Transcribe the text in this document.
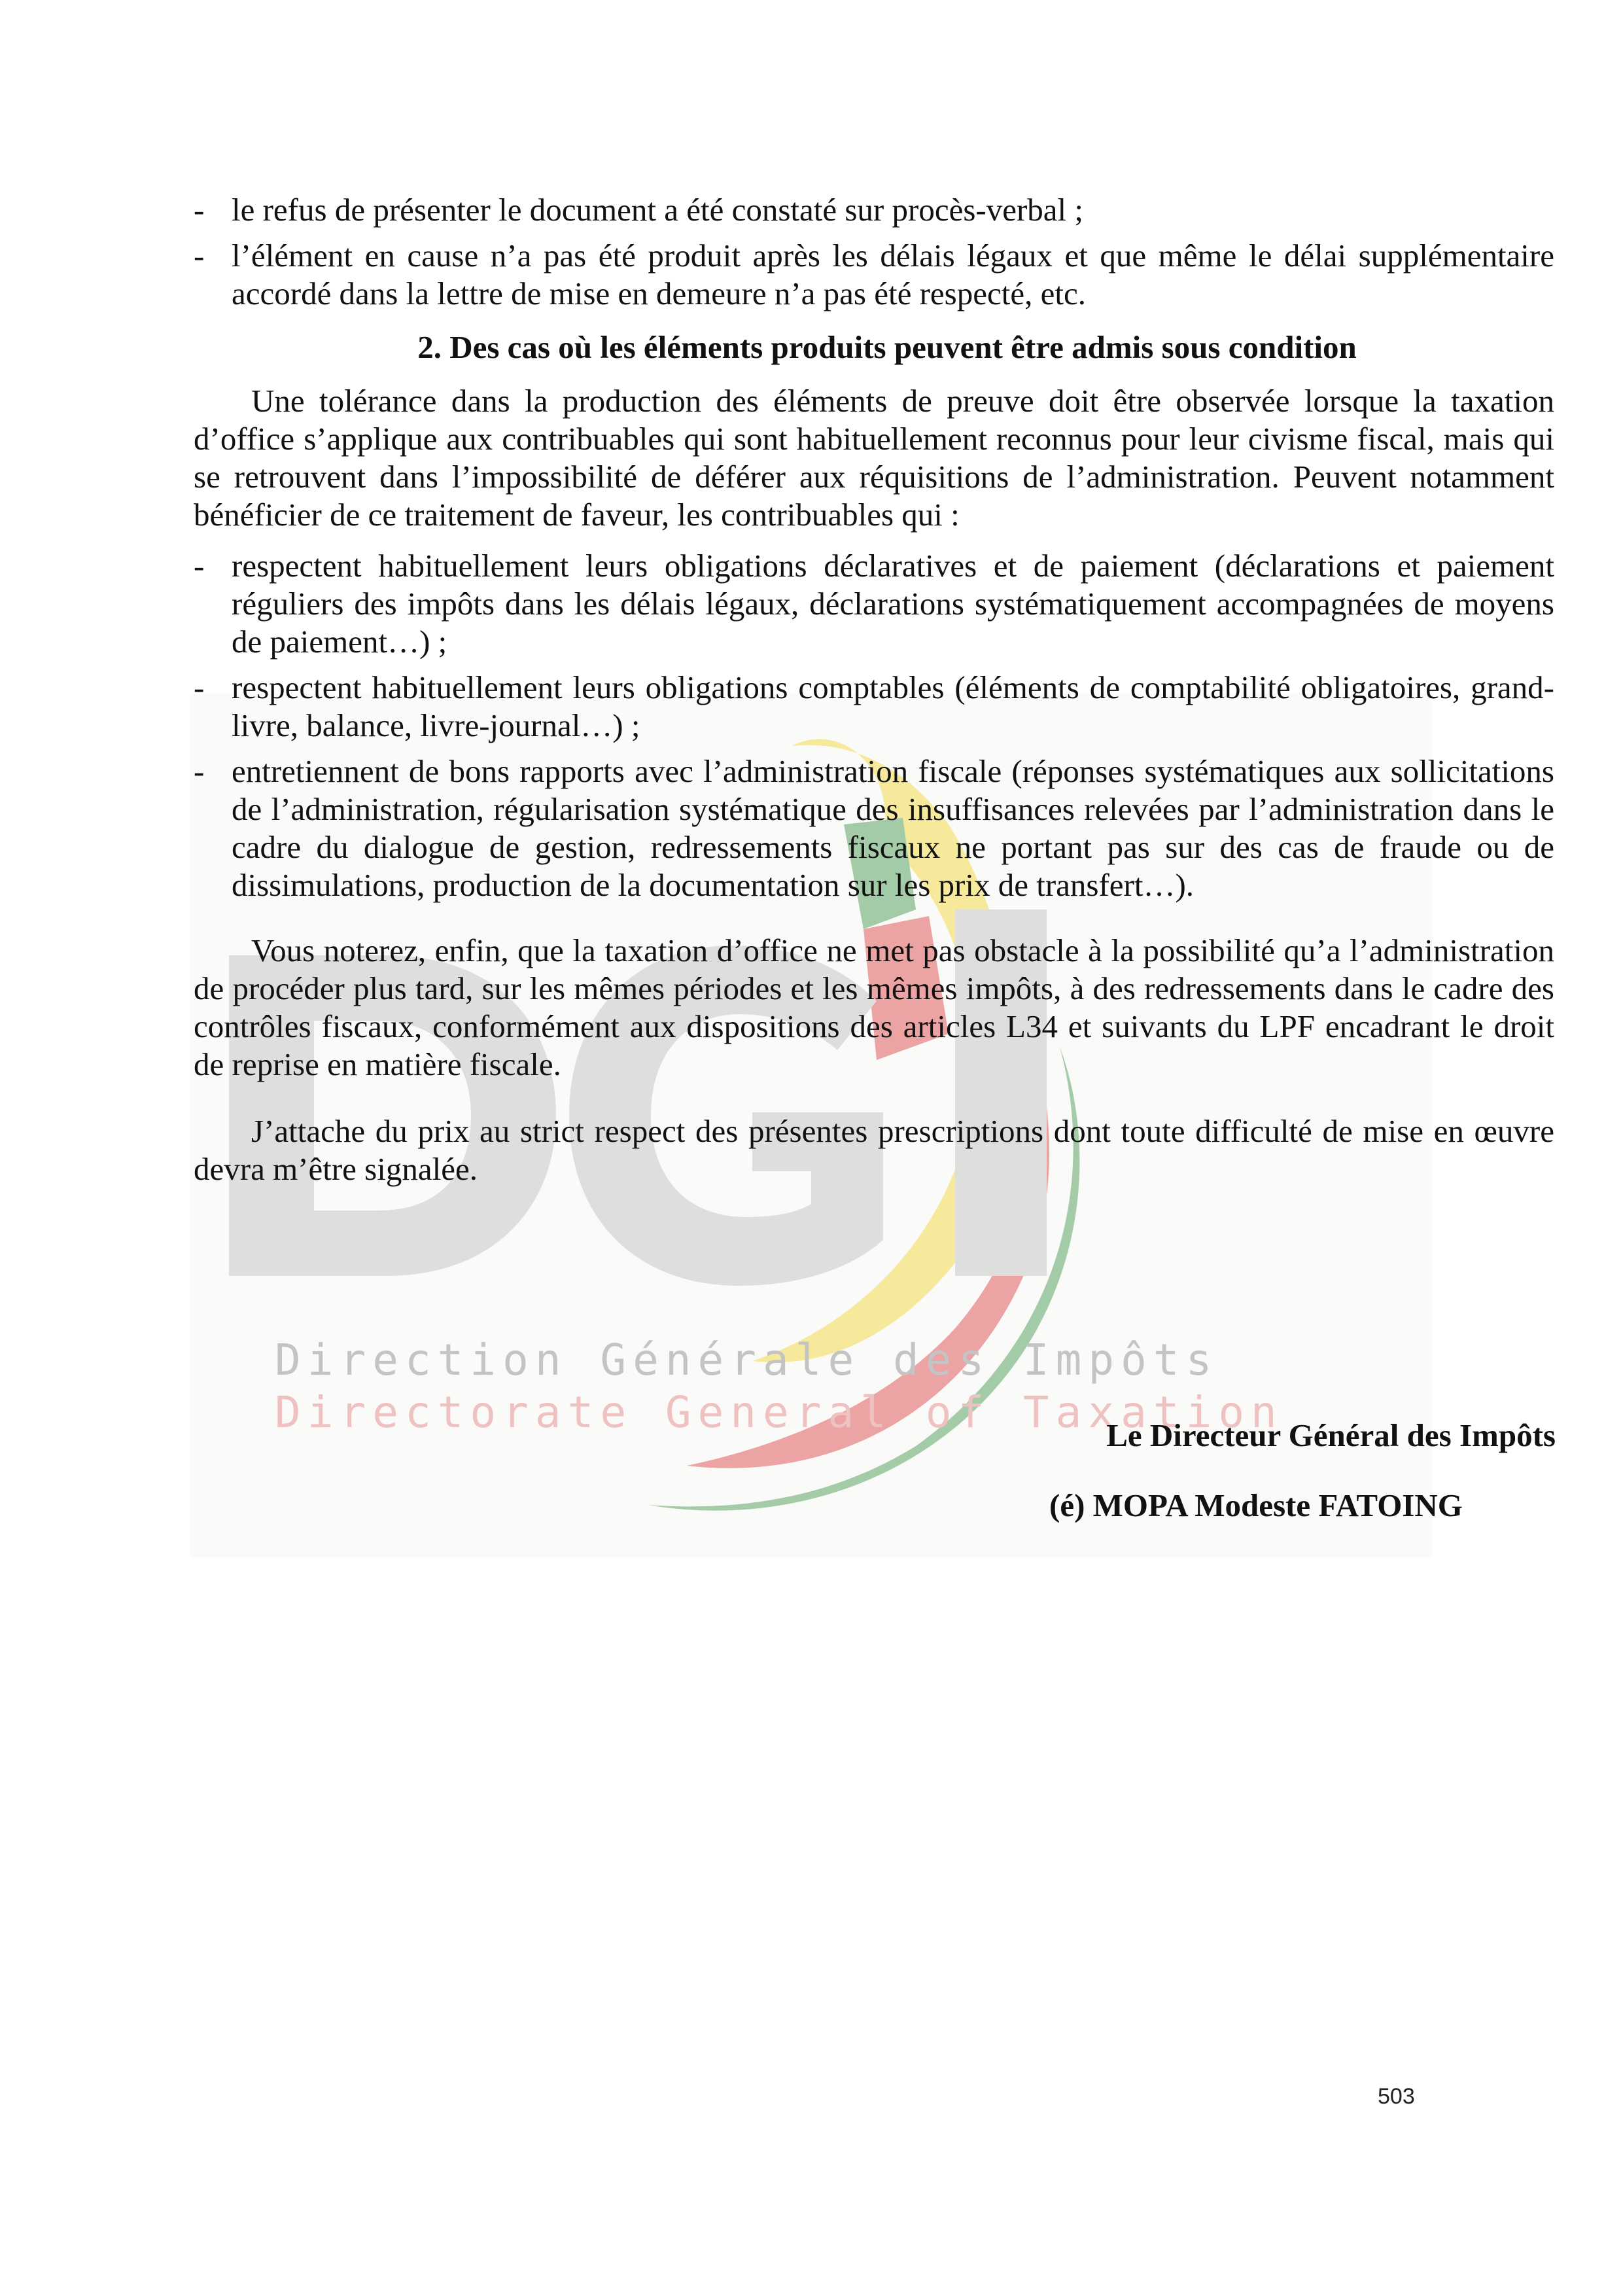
Direction Générale des Impôts
Directorate General of Taxation
- le refus de présenter le document a été constaté sur procès-verbal ;
- l’élément en cause n’a pas été produit après les délais légaux et que même le délai supplémentaire accordé dans la lettre de mise en demeure n’a pas été respecté, etc.
2. Des cas où les éléments produits peuvent être admis sous condition

Une tolérance dans la production des éléments de preuve doit être observée lorsque la taxation d’office s’applique aux contribuables qui sont habituellement reconnus pour leur civisme fiscal, mais qui se retrouvent dans l’impossibilité de déférer aux réquisitions de l’administration. Peuvent notamment bénéficier de ce traitement de faveur, les contribuables qui :

- respectent habituellement leurs obligations déclaratives et de paiement (déclarations et paiement réguliers des impôts dans les délais légaux, déclarations systématiquement accompagnées de moyens de paiement…) ;
- respectent habituellement leurs obligations comptables (éléments de comptabilité obligatoires, grand-livre, balance, livre-journal…) ;
- entretiennent de bons rapports avec l’administration fiscale (réponses systématiques aux sollicitations de l’administration, régularisation systématique des insuffisances relevées par l’administration dans le cadre du dialogue de gestion, redressements fiscaux ne portant pas sur des cas de fraude ou de dissimulations, production de la documentation sur les prix de transfert…).

Vous noterez, enfin, que la taxation d’office ne met pas obstacle à la possibilité qu’a l’administration de procéder plus tard, sur les mêmes périodes et les mêmes impôts, à des redressements dans le cadre des contrôles fiscaux, conformément aux dispositions des articles L34 et suivants du LPF encadrant le droit de reprise en matière fiscale.

J’attache du prix au strict respect des présentes prescriptions dont toute difficulté de mise en œuvre devra m’être signalée.

Le Directeur Général des Impôts
(é) MOPA Modeste FATOING
503
